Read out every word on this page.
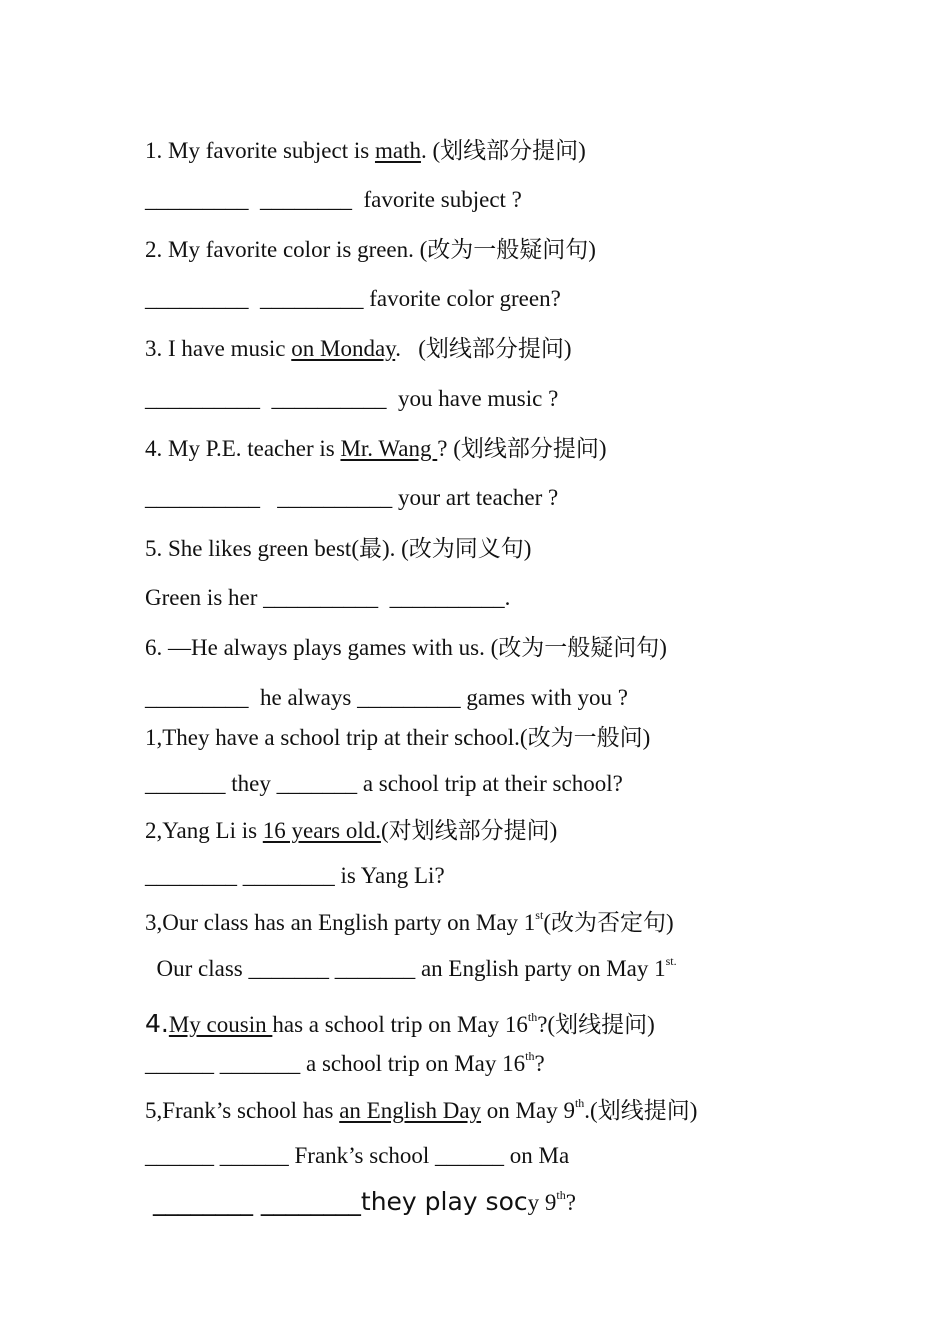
1. My favorite subject is math. (划线部分提问)
_________  ________  favorite subject ?
2. My favorite color is green. (改为一般疑问句)
_________  _________ favorite color green?
3. I have music on Monday.   (划线部分提问)
__________  __________  you have music ?
4. My P.E. teacher is Mr. Wang ? (划线部分提问)
__________   __________ your art teacher ?
5. She likes green best(最). (改为同义句)
Green is her __________  __________.
6. —He always plays games with us. (改为一般疑问句)
_________  he always _________ games with you ?
1,They have a school trip at their school.(改为一般问)
_______ they _______ a school trip at their school?
2,Yang Li is 16 years old.(对划线部分提问)
________ ________ is Yang Li?
3,Our class has an English party on May 1st(改为否定句)
Our class _______ _______ an English party on May $1^{st.}$
4.My cousin has a school trip on May 16th?(划线提问)
______ _______ a school trip on May 16th?
5,Frank’s school has an English Day on May 9th.(划线提问)
______ ______ Frank’s school ______ on Ma
________ ________they play socy 9th?
